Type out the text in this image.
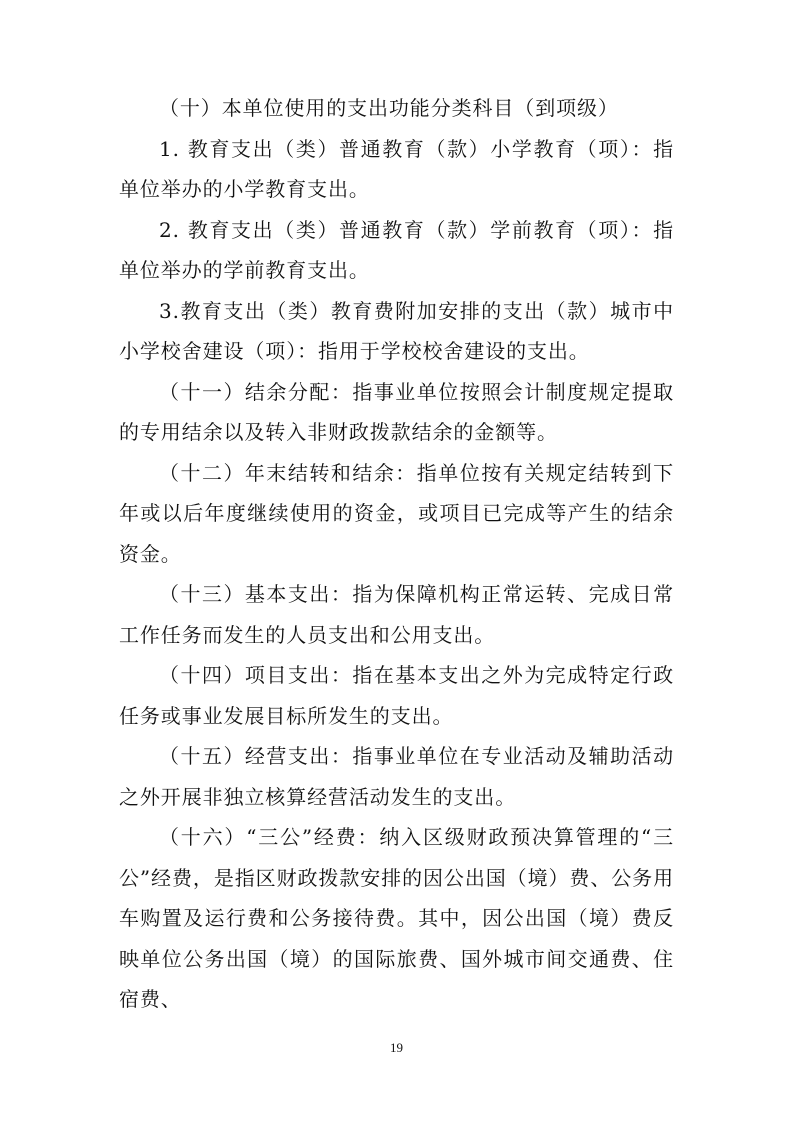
（十）本单位使用的支出功能分类科目（到项级）

1. 教育支出（类）普通教育（款）小学教育（项）：指单位举办的小学教育支出。

2. 教育支出（类）普通教育（款）学前教育（项）：指单位举办的学前教育支出。

3.教育支出（类）教育费附加安排的支出（款）城市中小学校舍建设（项）：指用于学校校舍建设的支出。

（十一）结余分配：指事业单位按照会计制度规定提取的专用结余以及转入非财政拨款结余的金额等。

（十二）年末结转和结余：指单位按有关规定结转到下年或以后年度继续使用的资金，或项目已完成等产生的结余资金。

（十三）基本支出：指为保障机构正常运转、完成日常工作任务而发生的人员支出和公用支出。

（十四）项目支出：指在基本支出之外为完成特定行政任务或事业发展目标所发生的支出。

（十五）经营支出：指事业单位在专业活动及辅助活动之外开展非独立核算经营活动发生的支出。

（十六）“三公”经费：纳入区级财政预决算管理的“三公”经费，是指区财政拨款安排的因公出国（境）费、公务用车购置及运行费和公务接待费。其中，因公出国（境）费反映单位公务出国（境）的国际旅费、国外城市间交通费、住宿费、

19
